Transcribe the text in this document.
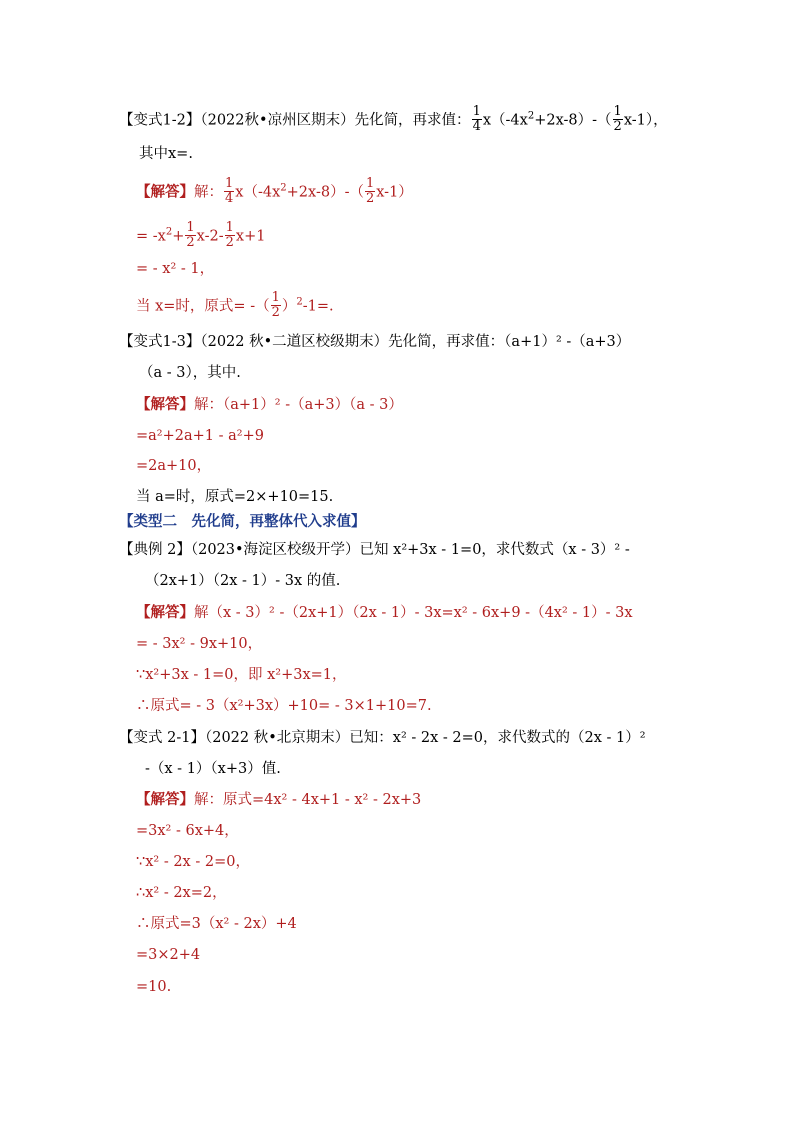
【变式1-2】（2022秋•凉州区期末）先化简，再求值： $\frac{1}{4} x(-4x^2+2x-8)-( \frac{1}{2} x-1)$，
其中x=.
【解答】解： $\frac{1}{4} x(-4x^2+2x-8)-( \frac{1}{2} x-1)$
= $-x^2+ \frac{1}{2} x-2- \frac{1}{2} x+1$
= - x² - 1，
当 x=时，原式= -（ $\frac{1}{2} )^2-1=$.
【变式1-3】（2022 秋•二道区校级期末）先化简，再求值：（a+1）² -（a+3）
（a - 3），其中.
【解答】解：（a+1）² -（a+3）（a - 3）
=a²+2a+1 - a²+9
=2a+10，
当 a=时，原式=2×+10=15.
【类型二　先化简，再整体代入求值】
【典例 2】（2023•海淀区校级开学）已知 x²+3x - 1=0，求代数式（x - 3）² -
（2x+1）（2x - 1）- 3x 的值.
【解答】解（x - 3）² -（2x+1）（2x - 1）- 3x=x² - 6x+9 -（4x² - 1）- 3x
= - 3x² - 9x+10，
∵x²+3x - 1=0，即 x²+3x=1，
∴原式= - 3（x²+3x）+10= - 3×1+10=7.
【变式 2-1】（2022 秋•北京期末）已知：x² - 2x - 2=0，求代数式的（2x - 1）²
-（x - 1）（x+3）值.
【解答】解：原式=4x² - 4x+1 - x² - 2x+3
=3x² - 6x+4，
∵x² - 2x - 2=0，
∴x² - 2x=2，
∴原式=3（x² - 2x）+4
=3×2+4
=10.
